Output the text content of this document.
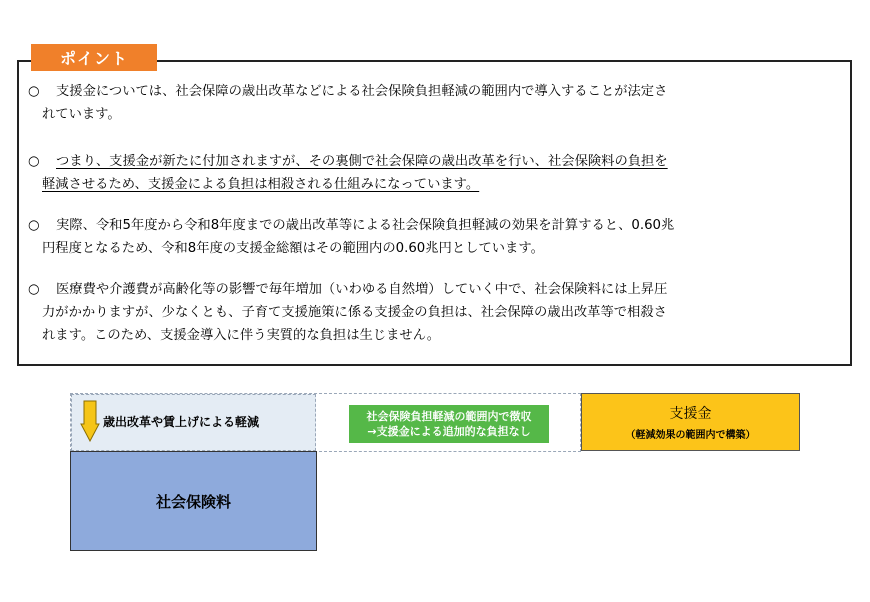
ポイント
○ 支援金については、社会保障の歳出改革などによる社会保険負担軽減の範囲内で導入することが法定さ
れています。
○ つまり、支援金が新たに付加されますが、その裏側で社会保障の歳出改革を行い、社会保険料の負担を
軽減させるため、支援金による負担は相殺される仕組みになっています。
○ 実際、令和5年度から令和8年度までの歳出改革等による社会保険負担軽減の効果を計算すると、0.60兆
円程度となるため、令和8年度の支援金総額はその範囲内の0.60兆円としています。
○ 医療費や介護費が高齢化等の影響で毎年増加（いわゆる自然増）していく中で、社会保険料には上昇圧
力がかかりますが、少なくとも、子育て支援施策に係る支援金の負担は、社会保障の歳出改革等で相殺さ
れます。このため、支援金導入に伴う実質的な負担は生じません。
歳出改革や賃上げによる軽減	社会保険負担軽減の範囲内で徴収
→支援金による追加的な負担なし
支援金
（軽減効果の範囲内で構築）
社会保険料
